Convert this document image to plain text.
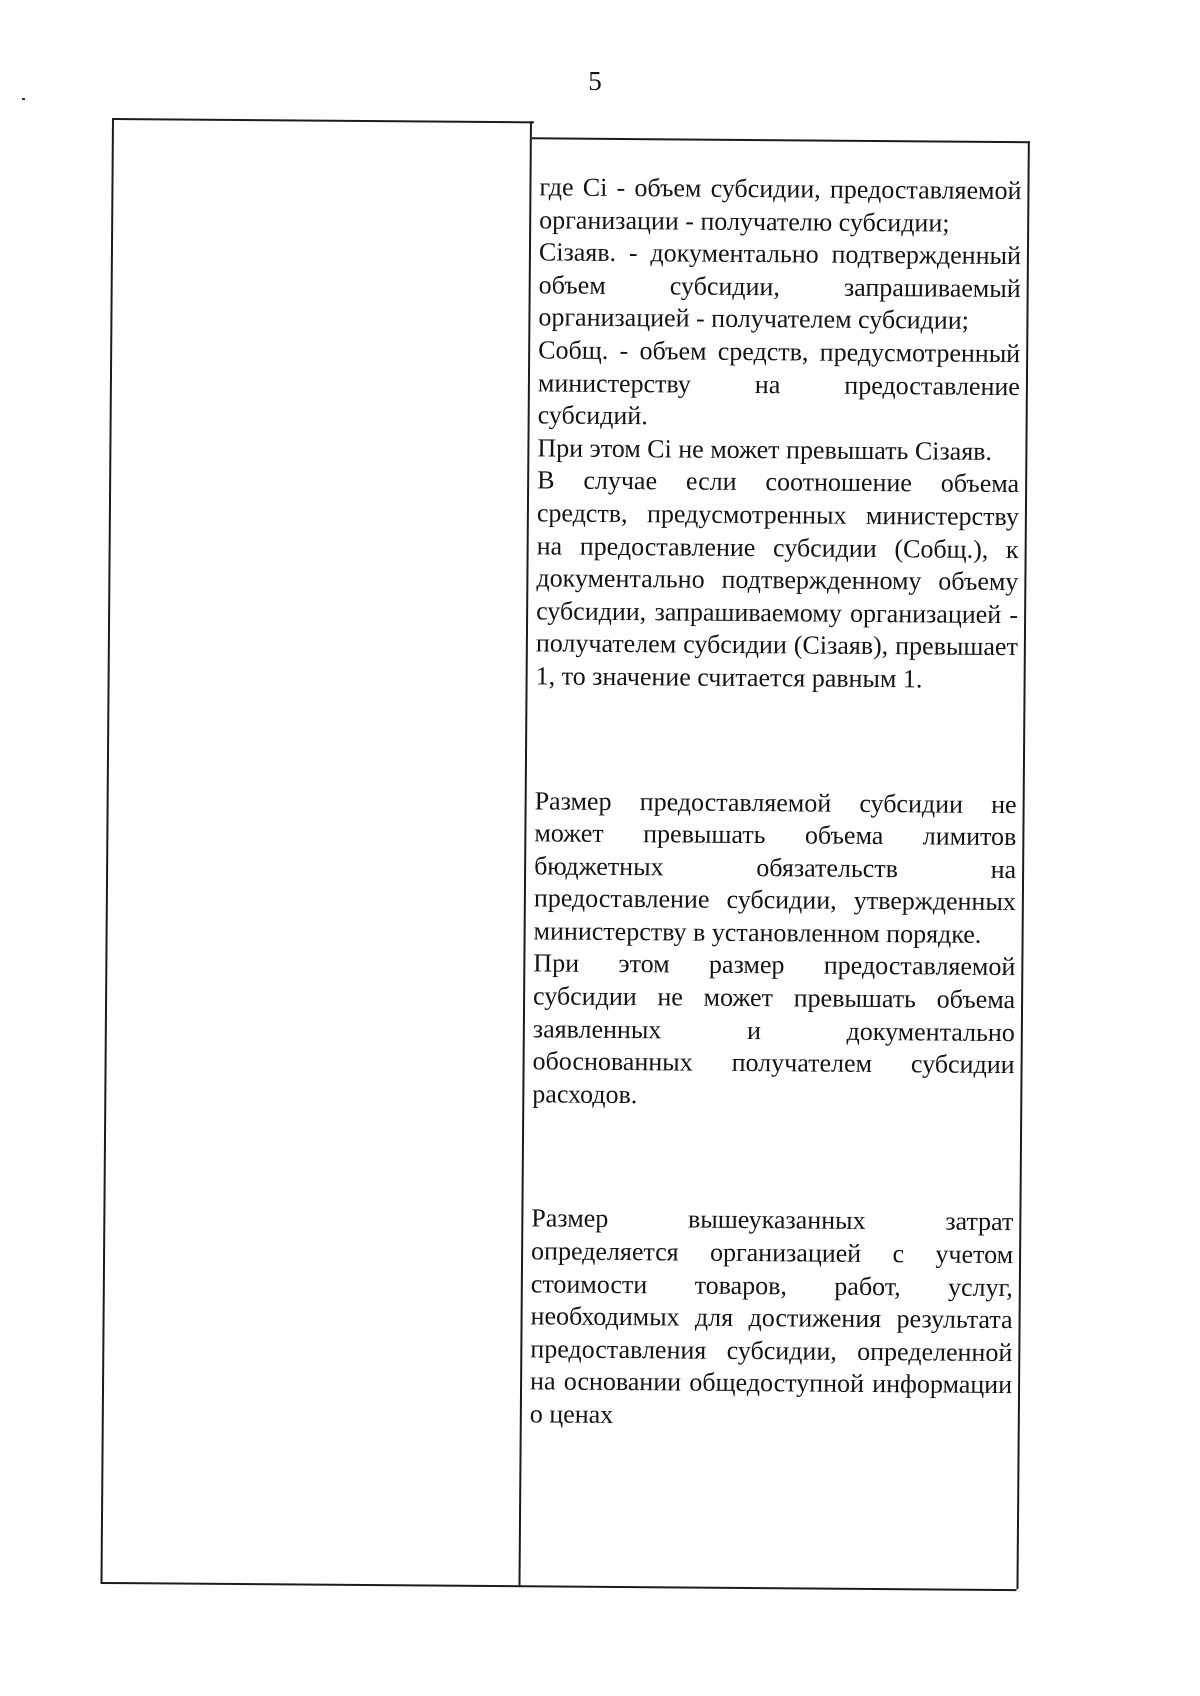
5

где Сi - объем субсидии, предоставляемой организации - получателю субсидии;

Сiзаяв. - документально подтвержденный объем субсидии, запрашиваемый организацией - получателем субсидии;

Собщ. - объем средств, предусмотренный министерству на предоставление субсидий.

При этом Сi не может превышать Сiзаяв.

В случае если соотношение объема средств, предусмотренных министерству на предоставление субсидии (Собщ.), к документально подтвержденному объему субсидии, запрашиваемому организацией - получателем субсидии (Сiзаяв), превышает 1, то значение считается равным 1.

Размер предоставляемой субсидии не может превышать объема лимитов бюджетных обязательств на предоставление субсидии, утвержденных министерству в установленном порядке.

При этом размер предоставляемой субсидии не может превышать объема заявленных и документально обоснованных получателем субсидии расходов.

Размер вышеуказанных затрат определяется организацией с учетом стоимости товаров, работ, услуг, необходимых для достижения результата предоставления субсидии, определенной на основании общедоступной информации о ценах
